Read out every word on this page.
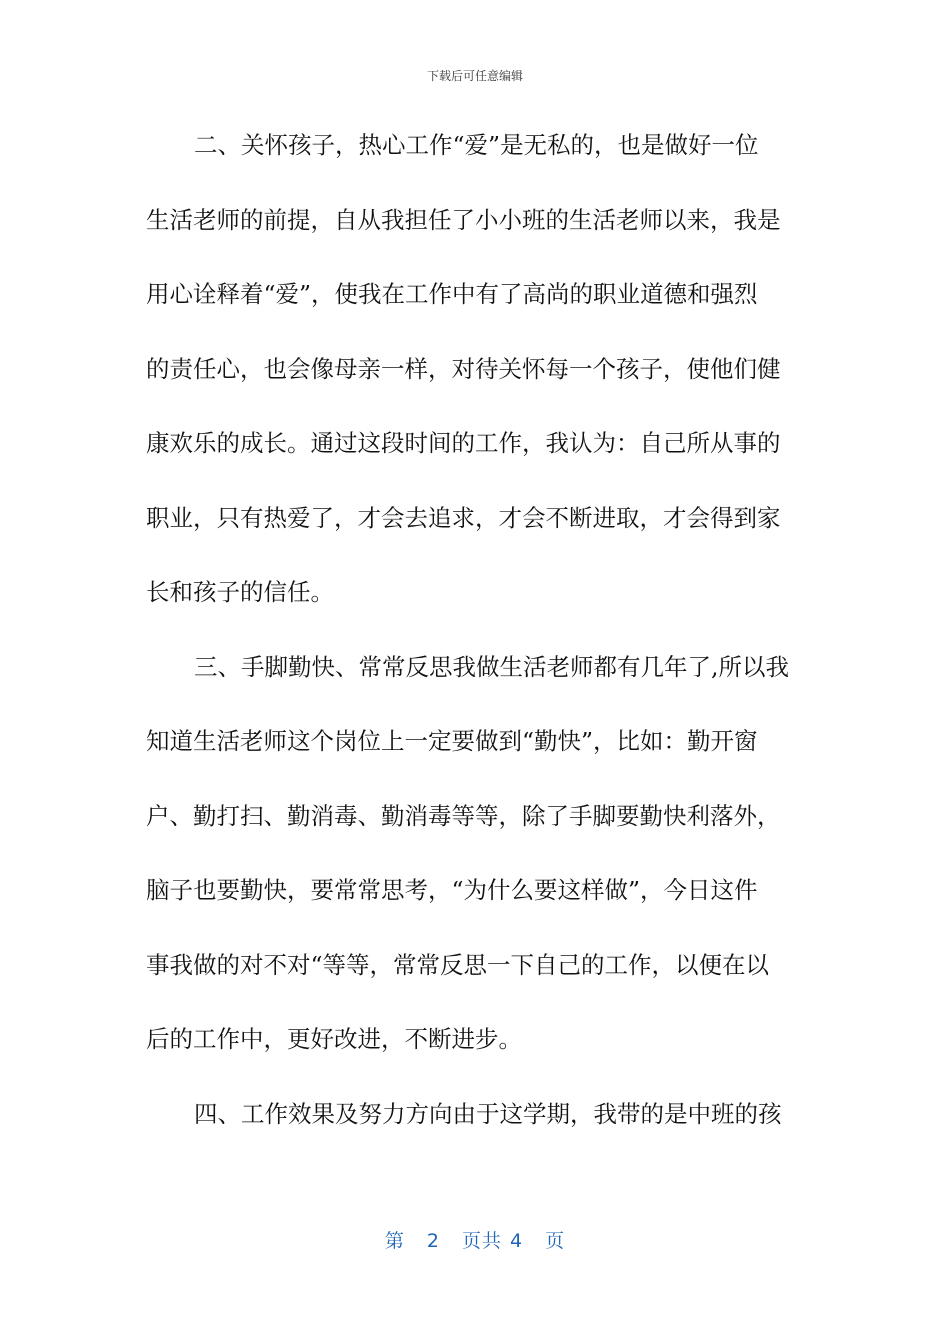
下载后可任意编辑
二、关怀孩子，热心工作“爱”是无私的，也是做好一位
生活老师的前提，自从我担任了小小班的生活老师以来，我是
用心诠释着“爱”，使我在工作中有了高尚的职业道德和强烈
的责任心，也会像母亲一样，对待关怀每一个孩子，使他们健
康欢乐的成长。通过这段时间的工作，我认为：自己所从事的
职业，只有热爱了，才会去追求，才会不断进取，才会得到家
长和孩子的信任。
三、手脚勤快、常常反思我做生活老师都有几年了,所以我
知道生活老师这个岗位上一定要做到“勤快”，比如：勤开窗
户、勤打扫、勤消毒、勤消毒等等，除了手脚要勤快利落外，
脑子也要勤快，要常常思考，“为什么要这样做”，今日这件
事我做的对不对“等等，常常反思一下自己的工作，以便在以
后的工作中，更好改进，不断进步。
四、工作效果及努力方向由于这学期，我带的是中班的孩
第 2 页共 4 页
